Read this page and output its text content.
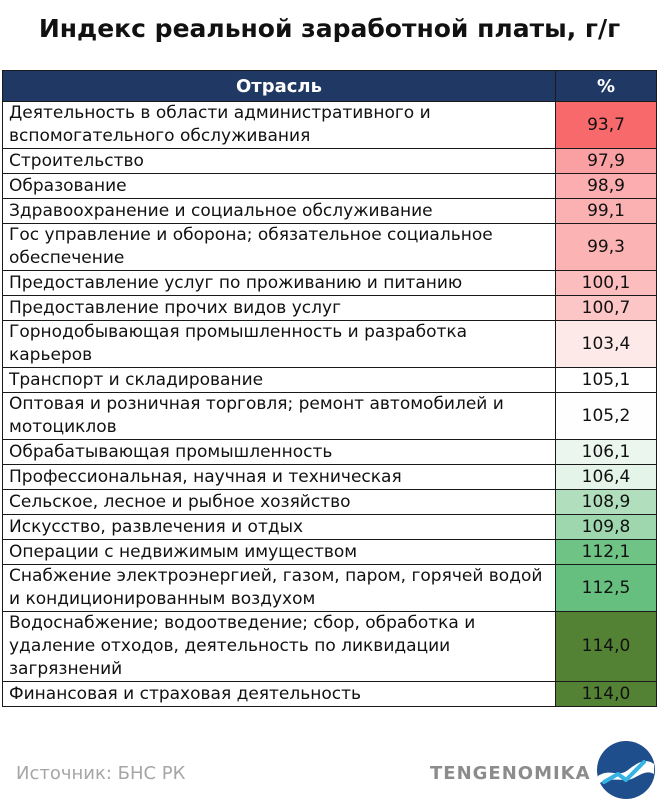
Индекс реальной заработной платы, г/г
Отрасль	%
Деятельность в области административного и вспомогательного обслуживания	93,7
Строительство	97,9
Образование	98,9
Здравоохранение и социальное обслуживание	99,1
Гос управление и оборона; обязательное социальное обеспечение	99,3
Предоставление услуг по проживанию и питанию	100,1
Предоставление прочих видов услуг	100,7
Горнодобывающая промышленность и разработка карьеров	103,4
Транспорт и складирование	105,1
Оптовая и розничная торговля; ремонт автомобилей и мотоциклов	105,2
Обрабатывающая промышленность	106,1
Профессиональная, научная и техническая	106,4
Сельское, лесное и рыбное хозяйство	108,9
Искусство, развлечения и отдых	109,8
Операции с недвижимым имуществом	112,1
Снабжение электроэнергией, газом, паром, горячей водой и кондиционированным воздухом	112,5
Водоснабжение; водоотведение; сбор, обработка и удаление отходов, деятельность по ликвидации загрязнений	114,0
Финансовая и страховая деятельность	114,0
Источник: БНС РК	TENGENOMIKA
